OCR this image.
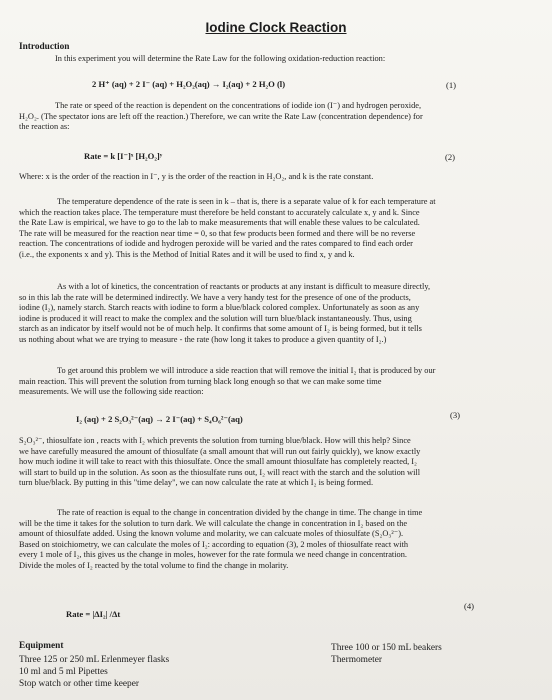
Iodine Clock Reaction
Introduction
In this experiment you will determine the Rate Law for the following oxidation-reduction reaction:
2 H⁺ (aq) + 2 I⁻ (aq) + H₂O₂(aq) → I₂(aq) + 2 H₂O (l)	(1)
The rate or speed of the reaction is dependent on the concentrations of iodide ion (I⁻) and hydrogen peroxide,
H₂O₂. (The spectator ions are left off the reaction.) Therefore, we can write the Rate Law (concentration dependence) for
the reaction as:
Rate = k [I⁻]ˣ [H₂O₂]ʸ	(2)
Where: x is the order of the reaction in I⁻, y is the order of the reaction in H₂O₂, and k is the rate constant.
The temperature dependence of the rate is seen in k – that is, there is a separate value of k for each temperature at
which the reaction takes place. The temperature must therefore be held constant to accurately calculate x, y and k. Since
the Rate Law is empirical, we have to go to the lab to make measurements that will enable these values to be calculated.
The rate will be measured for the reaction near time = 0, so that few products been formed and there will be no reverse
reaction. The concentrations of iodide and hydrogen peroxide will be varied and the rates compared to find each order
(i.e., the exponents x and y). This is the Method of Initial Rates and it will be used to find x, y and k.
As with a lot of kinetics, the concentration of reactants or products at any instant is difficult to measure directly,
so in this lab the rate will be determined indirectly. We have a very handy test for the presence of one of the products,
iodine (I₂), namely starch. Starch reacts with iodine to form a blue/black colored complex. Unfortunately as soon as any
iodine is produced it will react to make the complex and the solution will turn blue/black instantaneously. Thus, using
starch as an indicator by itself would not be of much help. It confirms that some amount of I₂ is being formed, but it tells
us nothing about what we are trying to measure - the rate (how long it takes to produce a given quantity of I₂.)
To get around this problem we will introduce a side reaction that will remove the initial I₂ that is produced by our
main reaction. This will prevent the solution from turning black long enough so that we can make some time
measurements. We will use the following side reaction:
I₂ (aq) + 2 S₂O₃²⁻(aq) → 2 I⁻(aq) + S₄O₆²⁻(aq)	(3)
S₂O₃²⁻, thiosulfate ion , reacts with I₂ which prevents the solution from turning blue/black. How will this help? Since
we have carefully measured the amount of thiosulfate (a small amount that will run out fairly quickly), we know exactly
how much iodine it will take to react with this thiosulfate. Once the small amount thiosulfate has completely reacted, I₂
will start to build up in the solution. As soon as the thiosulfate runs out, I₂ will react with the starch and the solution will
turn blue/black. By putting in this "time delay", we can now calculate the rate at which I₂ is being formed.
The rate of reaction is equal to the change in concentration divided by the change in time. The change in time
will be the time it takes for the solution to turn dark. We will calculate the change in concentration in I₂ based on the
amount of thiosulfate added. Using the known volume and molarity, we can calcuate moles of thiosulfate (S₂O₃²⁻).
Based on stoichiometry, we can calculate the moles of I₂: according to equation (3), 2 moles of thiosulfate react with
every 1 mole of I₂, this gives us the change in moles, however for the rate formula we need change in concentration.
Divide the moles of I₂ reacted by the total volume to find the change in molarity.
Rate = |ΔI₂| /Δt
(4)
Equipment
Three 125 or 250 mL Erlenmeyer flasks
10 ml and 5 ml Pipettes
Stop watch or other time keeper
Three 100 or 150 mL beakers
Thermometer
